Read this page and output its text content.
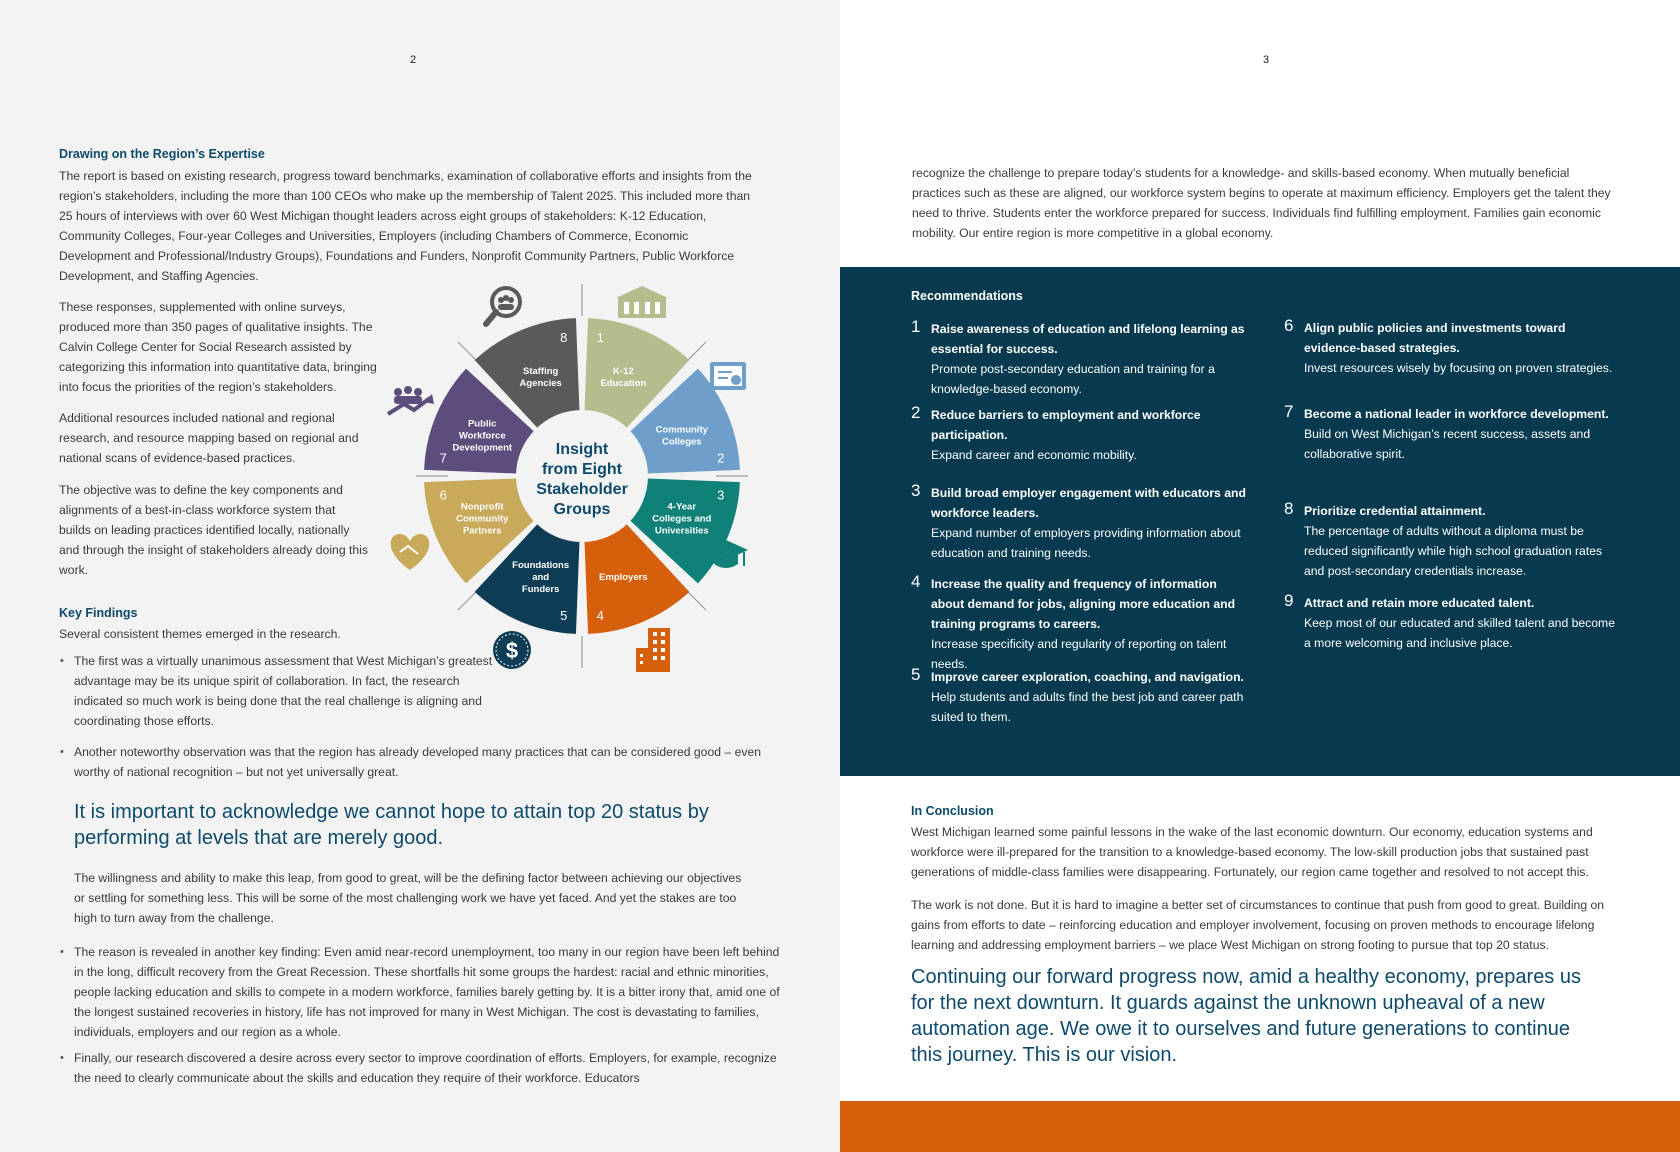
2
Drawing on the Region’s Expertise

The report is based on existing research, progress toward benchmarks, examination of collaborative efforts and insights from the region’s stakeholders, including the more than 100 CEOs who make up the membership of Talent 2025. This included more than 25 hours of interviews with over 60 West Michigan thought leaders across eight groups of stakeholders: K-12 Education, Community Colleges, Four-year Colleges and Universities, Employers (including Chambers of Commerce, Economic Development and Professional/Industry Groups), Foundations and Funders, Nonprofit Community Partners, Public Workforce Development, and Staffing Agencies.

These responses, supplemented with online surveys, produced more than 350 pages of qualitative insights. The Calvin College Center for Social Research assisted by categorizing this information into quantitative data, bringing into focus the priorities of the region’s stakeholders.

Additional resources included national and regional research, and resource mapping based on regional and national scans of evidence-based practices.

The objective was to define the key components and alignments of a best-in-class workforce system that builds on leading practices identified locally, nationally and through the insight of stakeholders already doing this work.

Key Findings

Several consistent themes emerged in the research.

• The first was a virtually unanimous assessment that West Michigan’s greatest advantage may be its unique spirit of collaboration. In fact, the research indicated so much work is being done that the real challenge is aligning and coordinating those efforts.

• Another noteworthy observation was that the region has already developed many practices that can be considered good – even worthy of national recognition – but not yet universally great.

It is important to acknowledge we cannot hope to attain top 20 status by performing at levels that are merely good.

The willingness and ability to make this leap, from good to great, will be the defining factor between achieving our objectives or settling for something less. This will be some of the most challenging work we have yet faced. And yet the stakes are too high to turn away from the challenge.

• The reason is revealed in another key finding: Even amid near-record unemployment, too many in our region have been left behind in the long, difficult recovery from the Great Recession. These shortfalls hit some groups the hardest: racial and ethnic minorities, people lacking education and skills to compete in a modern workforce, families barely getting by. It is a bitter irony that, amid one of the longest sustained recoveries in history, life has not improved for many in West Michigan. The cost is devastating to families, individuals, employers and our region as a whole.

• Finally, our research discovered a desire across every sector to improve coordination of efforts. Employers, for example, recognize the need to clearly communicate about the skills and education they require of their workforce. Educators

Insight
from Eight
Stakeholder
Groups
K-12
Education
1
Community
Colleges
2
4-Year
Colleges and
Universities
3
Employers
4
Foundations
and
Funders
5
Nonprofit
Community
Partners
6
Public
Workforce
Development
7
Staffing
Agencies
8
$
3

recognize the challenge to prepare today’s students for a knowledge- and skills-based economy. When mutually beneficial practices such as these are aligned, our workforce system begins to operate at maximum efficiency. Employers get the talent they need to thrive. Students enter the workforce prepared for success. Individuals find fulfilling employment. Families gain economic mobility. Our entire region is more competitive in a global economy.

Recommendations
1 Raise awareness of education and lifelong learning as essential for success.
Promote post-secondary education and training for a knowledge-based economy.
2 Reduce barriers to employment and workforce participation.
Expand career and economic mobility.
3 Build broad employer engagement with educators and workforce leaders.
Expand number of employers providing information about education and training needs.
4 Increase the quality and frequency of information about demand for jobs, aligning more education and training programs to careers.
Increase specificity and regularity of reporting on talent needs.
5 Improve career exploration, coaching, and navigation.
Help students and adults find the best job and career path suited to them.
6 Align public policies and investments toward evidence-based strategies.
Invest resources wisely by focusing on proven strategies.
7 Become a national leader in workforce development.
Build on West Michigan’s recent success, assets and collaborative spirit.
8 Prioritize credential attainment.
The percentage of adults without a diploma must be reduced significantly while high school graduation rates and post-secondary credentials increase.
9 Attract and retain more educated talent.
Keep most of our educated and skilled talent and become a more welcoming and inclusive place.
In Conclusion

West Michigan learned some painful lessons in the wake of the last economic downturn. Our economy, education systems and workforce were ill-prepared for the transition to a knowledge-based economy. The low-skill production jobs that sustained past generations of middle-class families were disappearing. Fortunately, our region came together and resolved to not accept this.

The work is not done. But it is hard to imagine a better set of circumstances to continue that push from good to great. Building on gains from efforts to date – reinforcing education and employer involvement, focusing on proven methods to encourage lifelong learning and addressing employment barriers – we place West Michigan on strong footing to pursue that top 20 status.

Continuing our forward progress now, amid a healthy economy, prepares us for the next downturn. It guards against the unknown upheaval of a new automation age. We owe it to ourselves and future generations to continue this journey. This is our vision.
